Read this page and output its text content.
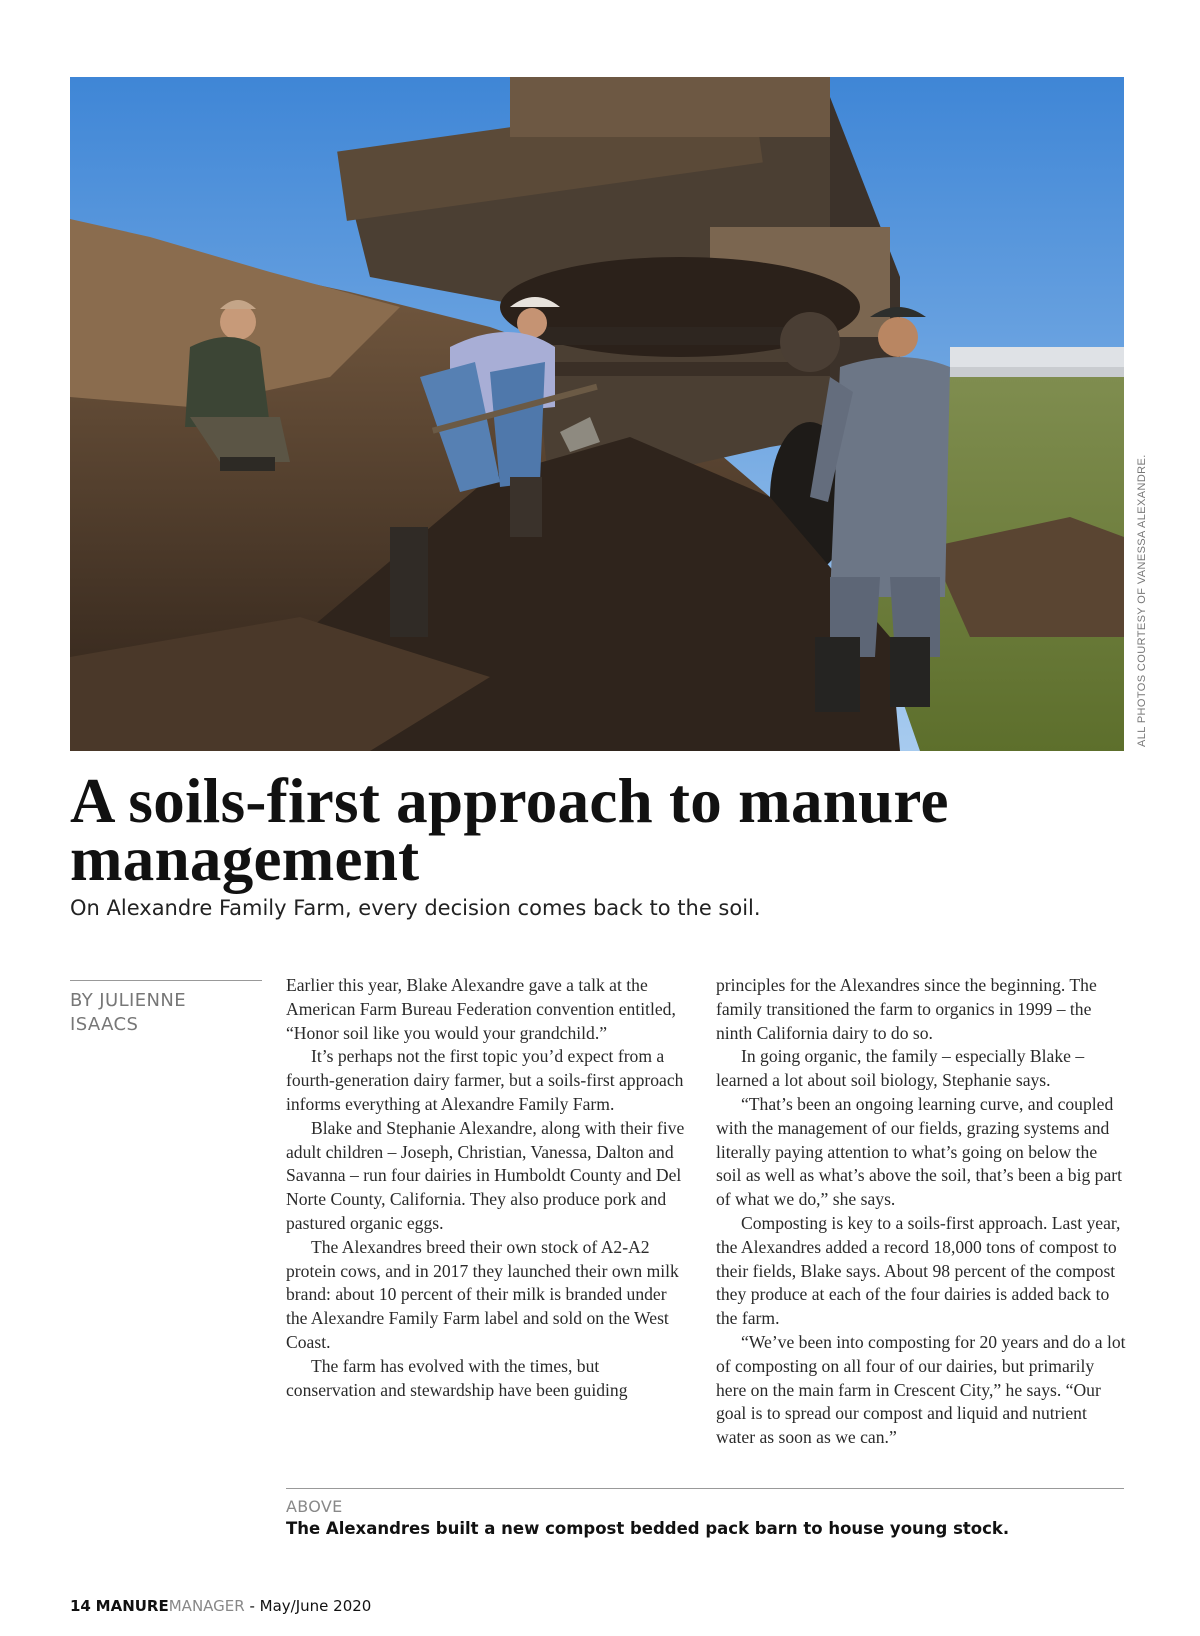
ALL PHOTOS COURTESY OF VANESSA ALEXANDRE.
A soils-first approach to manure
management

On Alexandre Family Farm, every decision comes back to the soil.

BY JULIENNE
ISAACS

Earlier this year, Blake Alexandre gave a talk at the American Farm Bureau Federation convention entitled, “Honor soil like you would your grandchild.”

It’s perhaps not the first topic you’d expect from a fourth-generation dairy farmer, but a soils-first approach informs everything at Alexandre Family Farm.

Blake and Stephanie Alexandre, along with their five adult children – Joseph, Christian, Vanessa, Dalton and Savanna – run four dairies in Humboldt County and Del Norte County, California. They also produce pork and pastured organic eggs.

The Alexandres breed their own stock of A2-A2 protein cows, and in 2017 they launched their own milk brand: about 10 percent of their milk is branded under the Alexandre Family Farm label and sold on the West Coast.

The farm has evolved with the times, but conservation and stewardship have been guiding

principles for the Alexandres since the beginning. The family transitioned the farm to organics in 1999 – the ninth California dairy to do so.

In going organic, the family – especially Blake – learned a lot about soil biology, Stephanie says.

“That’s been an ongoing learning curve, and coupled with the management of our fields, grazing systems and literally paying attention to what’s going on below the soil as well as what’s above the soil, that’s been a big part of what we do,” she says.

Composting is key to a soils-first approach. Last year, the Alexandres added a record 18,000 tons of compost to their fields, Blake says. About 98 percent of the compost they produce at each of the four dairies is added back to the farm.

“We’ve been into composting for 20 years and do a lot of composting on all four of our dairies, but primarily here on the main farm in Crescent City,” he says. “Our goal is to spread our compost and liquid and nutrient water as soon as we can.”

ABOVE
The Alexandres built a new compost bedded pack barn to house young stock.
14 MANUREMANAGER - May/June 2020
